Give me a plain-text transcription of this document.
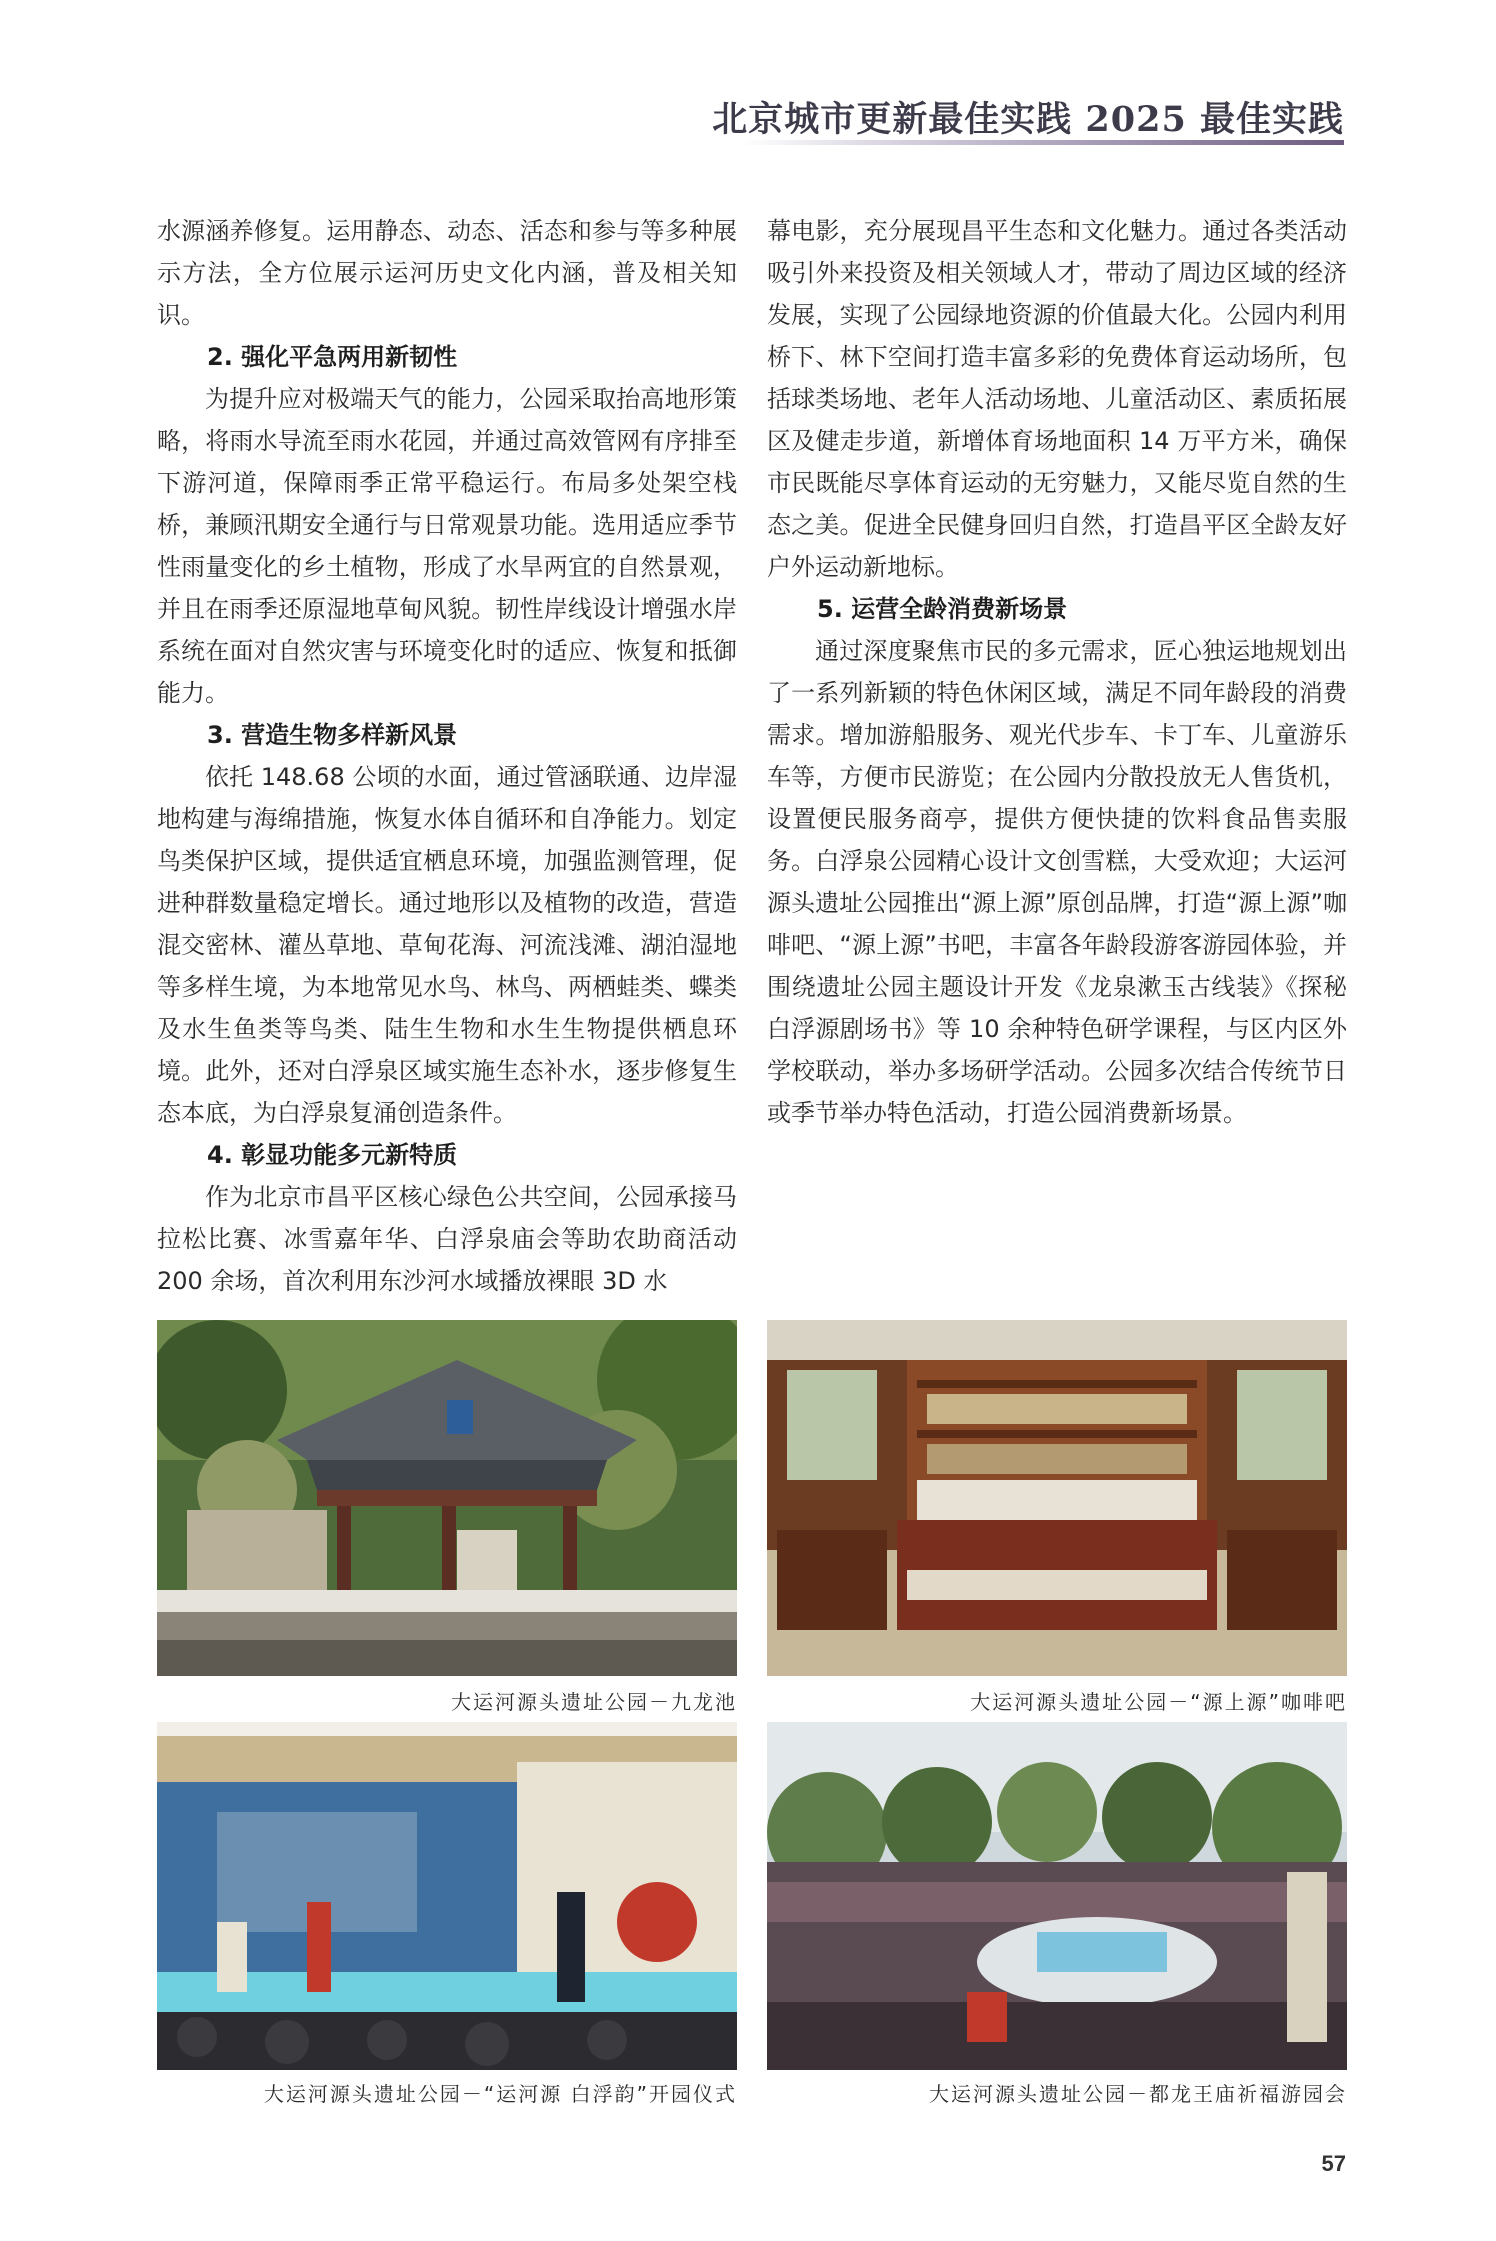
北京城市更新最佳实践 2025 最佳实践

水源涵养修复。运用静态、动态、活态和参与等多种展示方法，全方位展示运河历史文化内涵，普及相关知识。

2. 强化平急两用新韧性

为提升应对极端天气的能力，公园采取抬高地形策略，将雨水导流至雨水花园，并通过高效管网有序排至下游河道，保障雨季正常平稳运行。布局多处架空栈桥，兼顾汛期安全通行与日常观景功能。选用适应季节性雨量变化的乡土植物，形成了水旱两宜的自然景观，并且在雨季还原湿地草甸风貌。韧性岸线设计增强水岸系统在面对自然灾害与环境变化时的适应、恢复和抵御能力。

3. 营造生物多样新风景

依托 148.68 公顷的水面，通过管涵联通、边岸湿地构建与海绵措施，恢复水体自循环和自净能力。划定鸟类保护区域，提供适宜栖息环境，加强监测管理，促进种群数量稳定增长。通过地形以及植物的改造，营造混交密林、灌丛草地、草甸花海、河流浅滩、湖泊湿地等多样生境，为本地常见水鸟、林鸟、两栖蛙类、蝶类及水生鱼类等鸟类、陆生生物和水生生物提供栖息环境。此外，还对白浮泉区域实施生态补水，逐步修复生态本底，为白浮泉复涌创造条件。

4. 彰显功能多元新特质

作为北京市昌平区核心绿色公共空间，公园承接马拉松比赛、冰雪嘉年华、白浮泉庙会等助农助商活动 200 余场，首次利用东沙河水域播放裸眼 3D 水

幕电影，充分展现昌平生态和文化魅力。通过各类活动吸引外来投资及相关领域人才，带动了周边区域的经济发展，实现了公园绿地资源的价值最大化。公园内利用桥下、林下空间打造丰富多彩的免费体育运动场所，包括球类场地、老年人活动场地、儿童活动区、素质拓展区及健走步道，新增体育场地面积 14 万平方米，确保市民既能尽享体育运动的无穷魅力，又能尽览自然的生态之美。促进全民健身回归自然，打造昌平区全龄友好户外运动新地标。

5. 运营全龄消费新场景

通过深度聚焦市民的多元需求，匠心独运地规划出了一系列新颖的特色休闲区域，满足不同年龄段的消费需求。增加游船服务、观光代步车、卡丁车、儿童游乐车等，方便市民游览；在公园内分散投放无人售货机，设置便民服务商亭，提供方便快捷的饮料食品售卖服务。白浮泉公园精心设计文创雪糕，大受欢迎；大运河源头遗址公园推出“源上源”原创品牌，打造“源上源”咖啡吧、“源上源”书吧，丰富各年龄段游客游园体验，并围绕遗址公园主题设计开发《龙泉漱玉古线装》《探秘白浮源剧场书》等 10 余种特色研学课程，与区内区外学校联动，举办多场研学活动。公园多次结合传统节日或季节举办特色活动，打造公园消费新场景。

大运河源头遗址公园－九龙池	大运河源头遗址公园－“源上源”咖啡吧
大运河源头遗址公园－“运河源 白浮韵”开园仪式	大运河源头遗址公园－都龙王庙祈福游园会
57
